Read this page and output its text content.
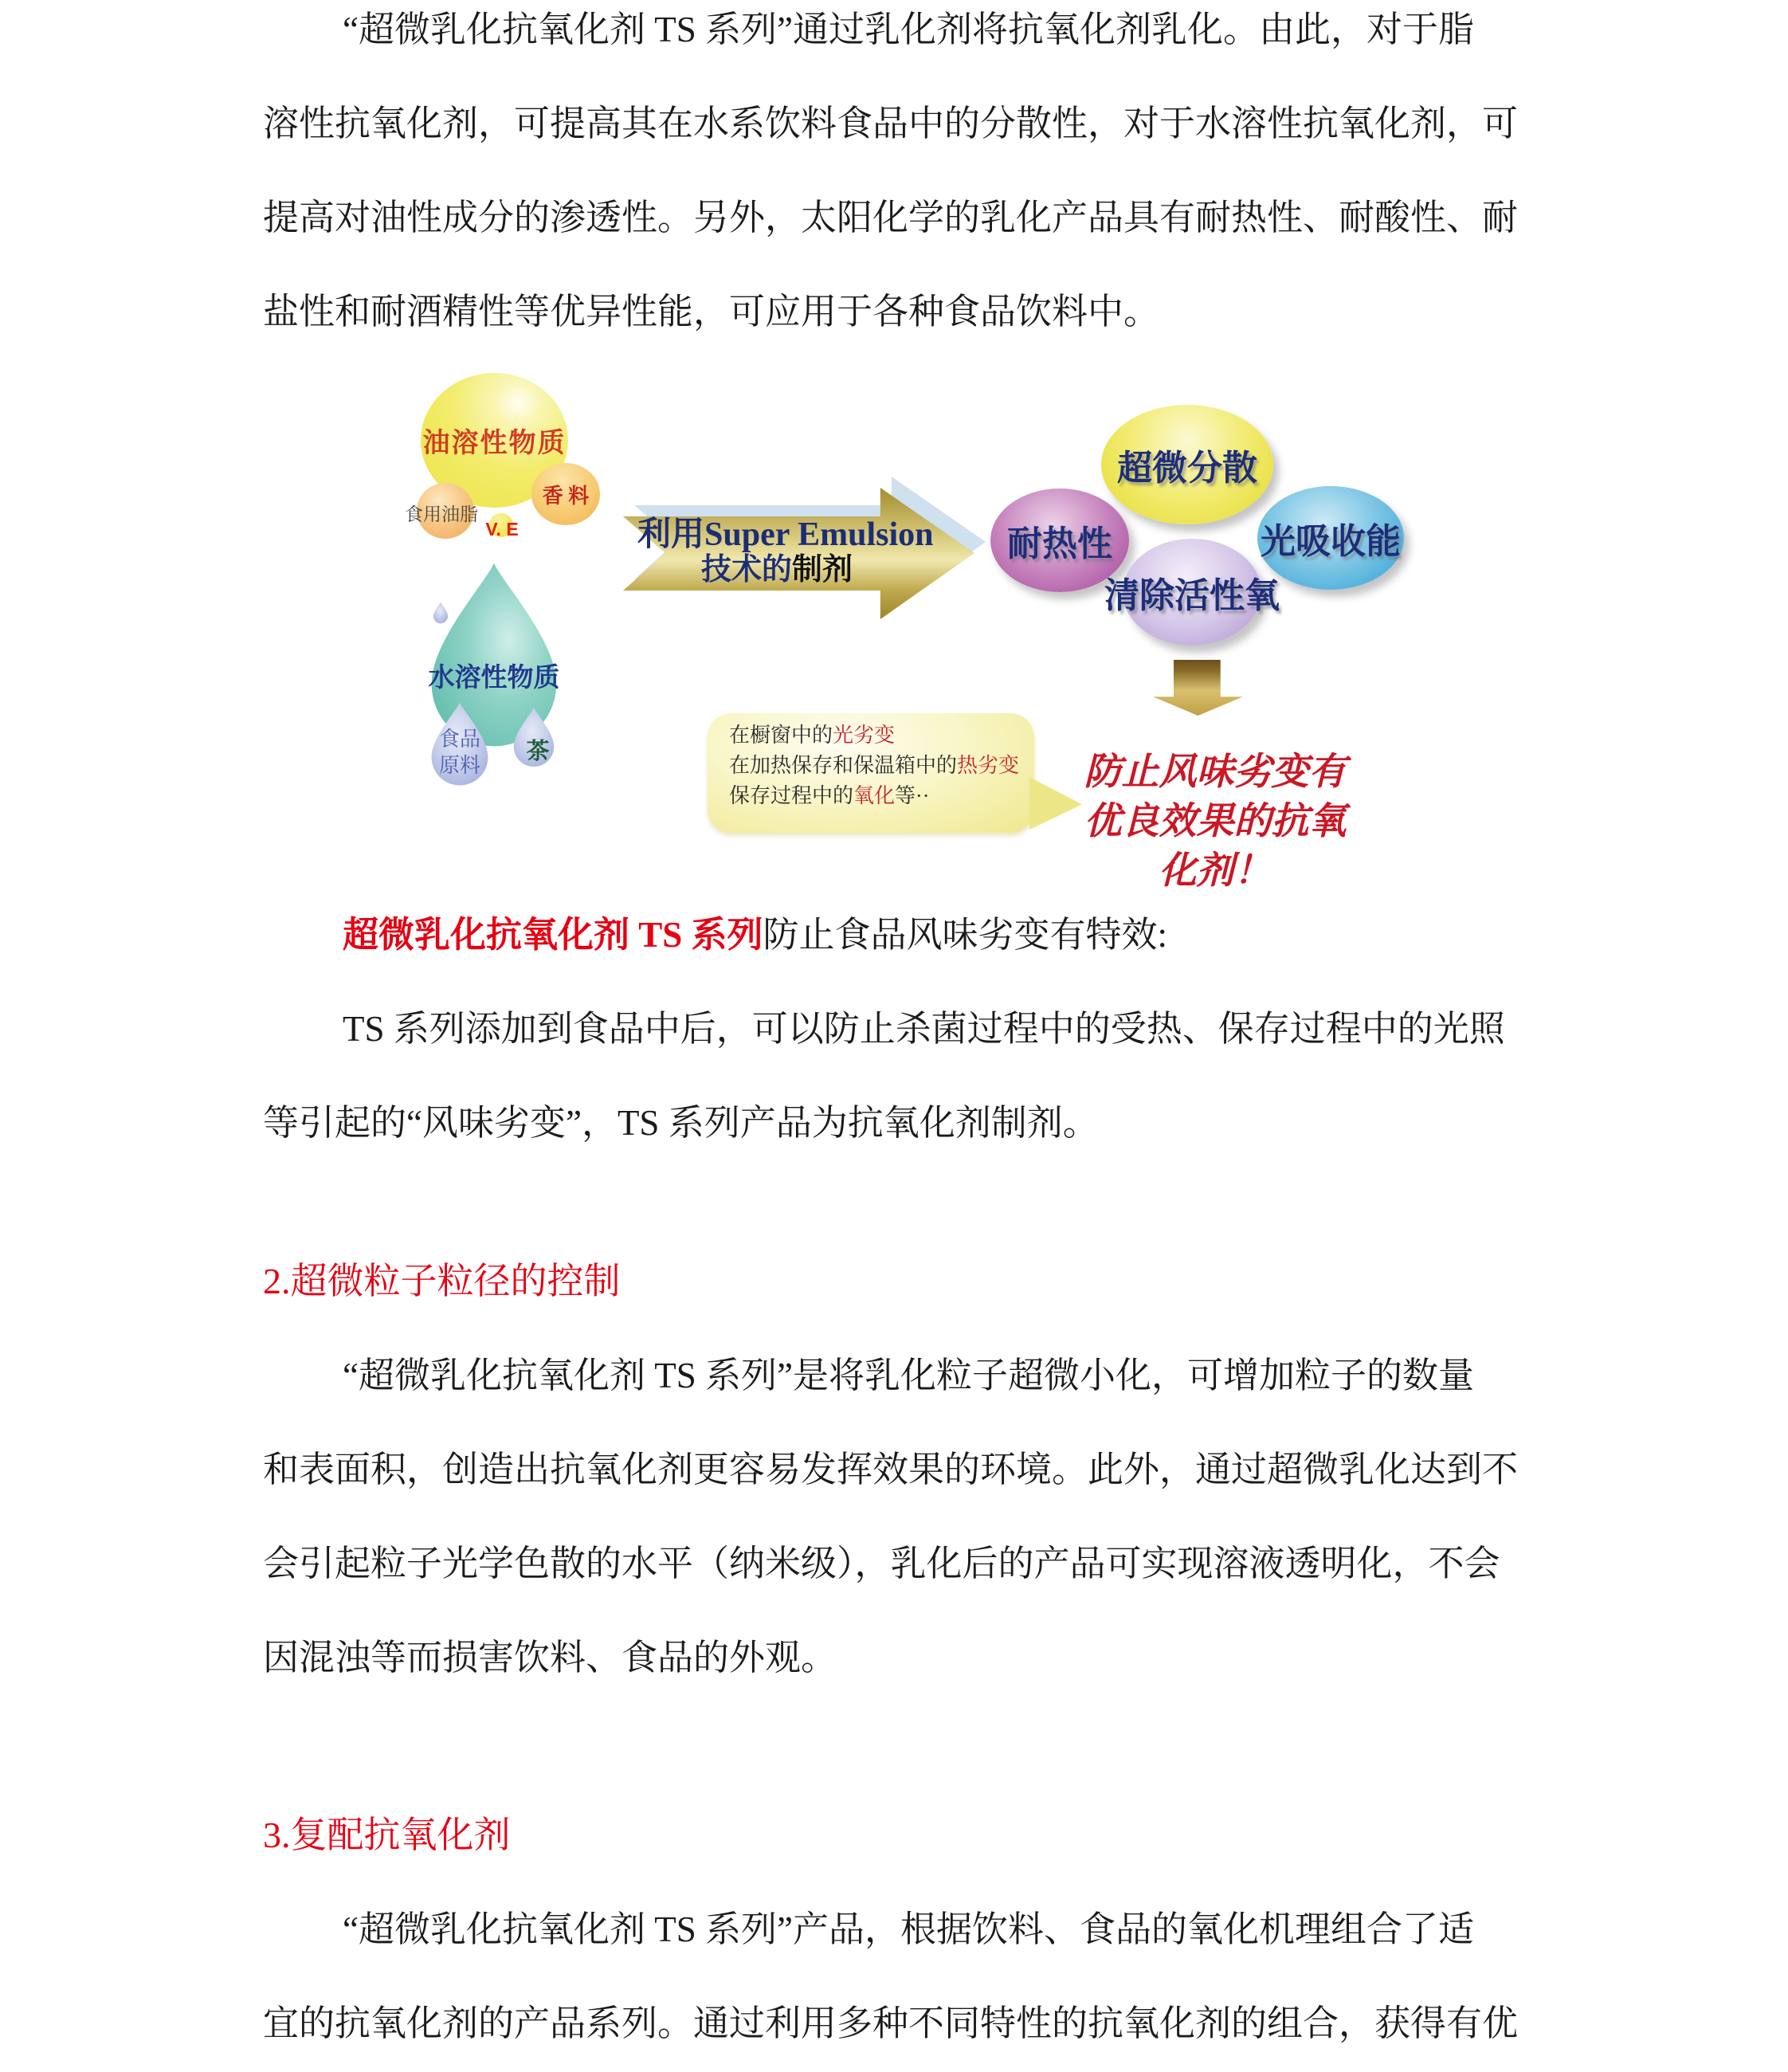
“超微乳化抗氧化剂 TS 系列”通过乳化剂将抗氧化剂乳化。由此，对于脂
溶性抗氧化剂，可提高其在水系饮料食品中的分散性，对于水溶性抗氧化剂，可
提高对油性成分的渗透性。另外，太阳化学的乳化产品具有耐热性、耐酸性、耐
盐性和耐酒精性等优异性能，可应用于各种食品饮料中。
利用Super Emulsion
技术的制剂
油溶性物质
食用油脂
香 料
V. E
水溶性物质
食品
原料
茶
超微分散
光吸收能
耐热性
清除活性氧
在橱窗中的光劣变
在加热保存和保温箱中的热劣变
保存过程中的氧化等··
防止风味劣变有
优良效果的抗氧
化剂！
超微乳化抗氧化剂 TS 系列防止食品风味劣变有特效:
TS 系列添加到食品中后，可以防止杀菌过程中的受热、保存过程中的光照
等引起的“风味劣变”，TS 系列产品为抗氧化剂制剂。
2.超微粒子粒径的控制
“超微乳化抗氧化剂 TS 系列”是将乳化粒子超微小化，可增加粒子的数量
和表面积，创造出抗氧化剂更容易发挥效果的环境。此外，通过超微乳化达到不
会引起粒子光学色散的水平（纳米级），乳化后的产品可实现溶液透明化，不会
因混浊等而损害饮料、食品的外观。
3.复配抗氧化剂
“超微乳化抗氧化剂 TS 系列”产品，根据饮料、食品的氧化机理组合了适
宜的抗氧化剂的产品系列。通过利用多种不同特性的抗氧化剂的组合，获得有优
